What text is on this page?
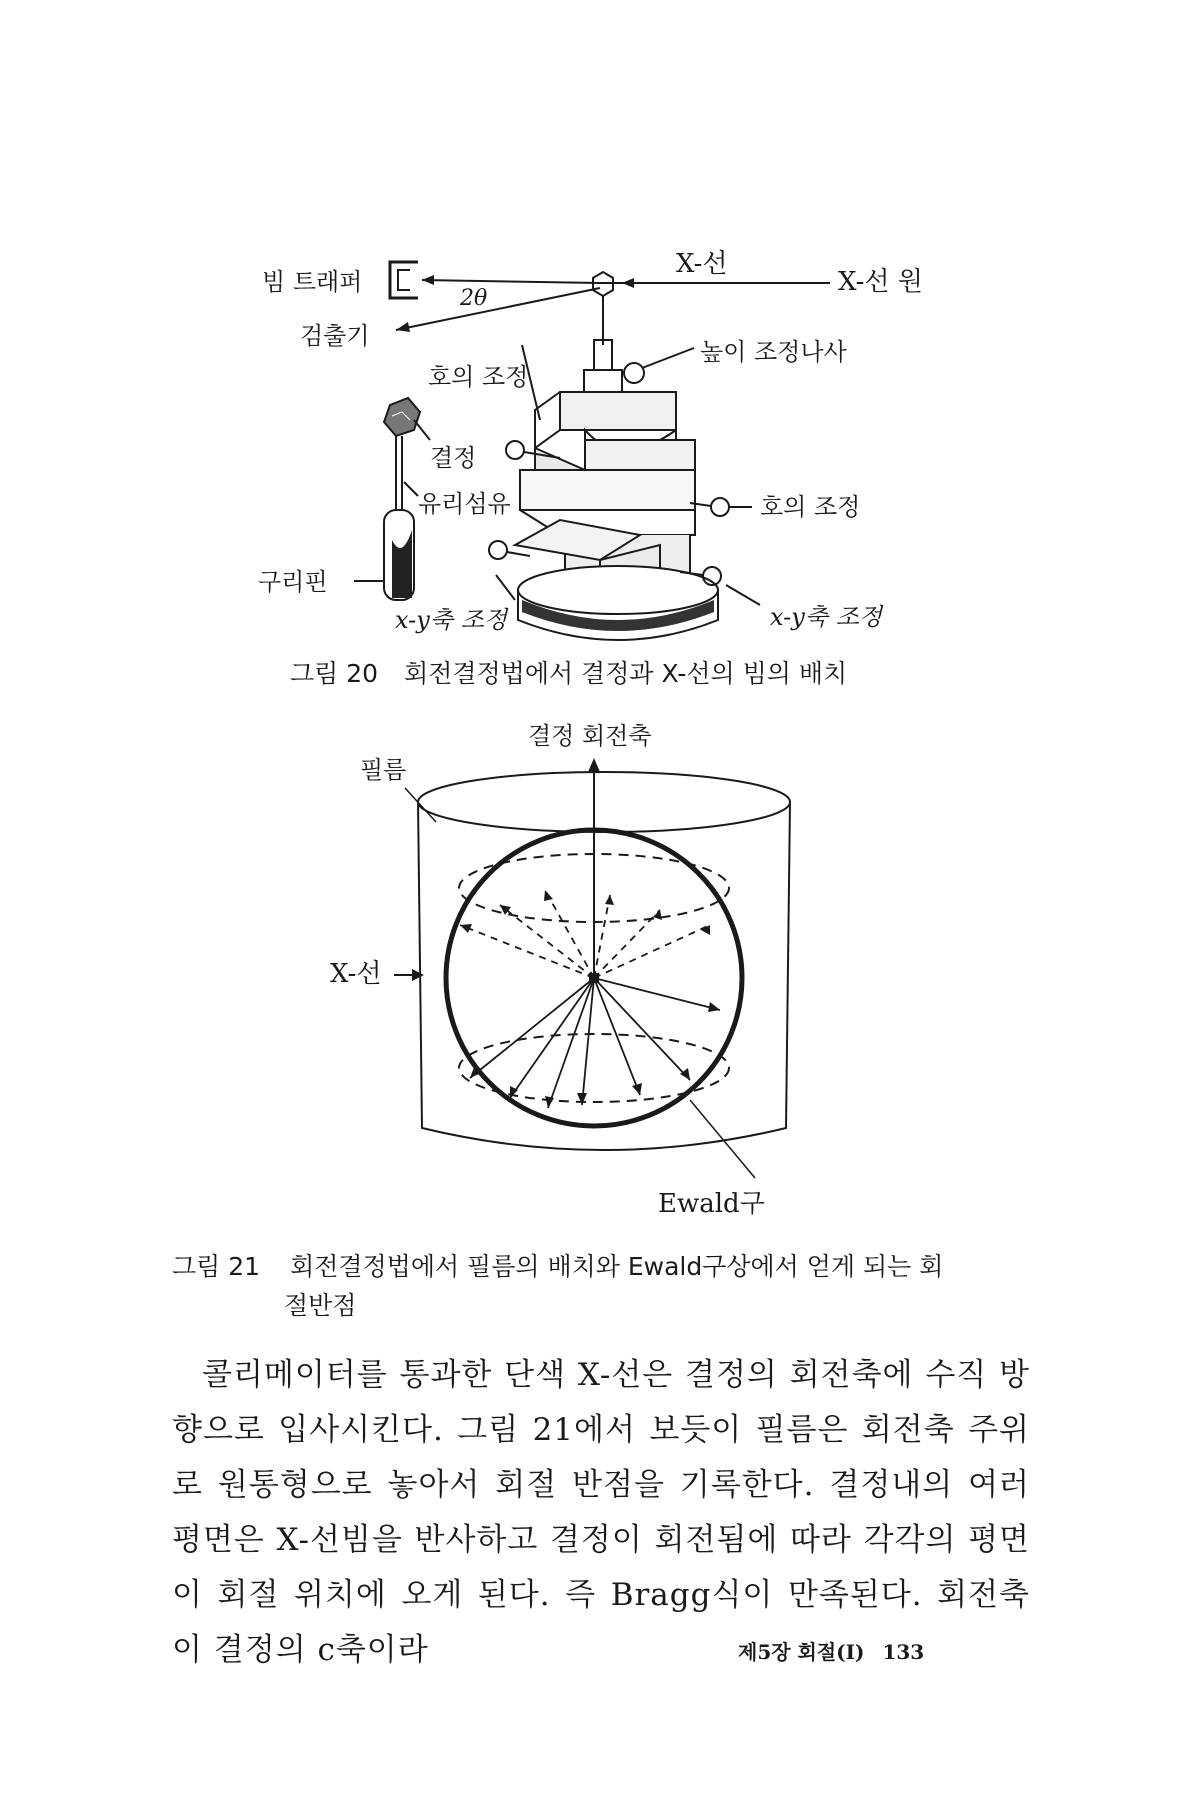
빔 트래퍼
2θ
X-선
X-선 원
검출기
높이 조정나사
호의 조정
결정
유리섬유	호의 조정
구리핀
x-y축 조정	x-y축 조정
그림 20 회전결정법에서 결정과 X-선의 빔의 배치
결정 회전축
필름
X-선
Ewald구
그림 21 회전결정법에서 필름의 배치와 Ewald구상에서 얻게 되는 회
절반점
콜리메이터를 통과한 단색 X-선은 결정의 회전축에 수직 방향으로 입사시킨다. 그림 21에서 보듯이 필름은 회전축 주위로 원통형으로 놓아서 회절 반점을 기록한다. 결정내의 여러 평면은 X-선빔을 반사하고 결정이 회전됨에 따라 각각의 평면이 회절 위치에 오게 된다. 즉 Bragg식이 만족된다. 회전축이 결정의 c축이라	제5장 회절(I) 133
